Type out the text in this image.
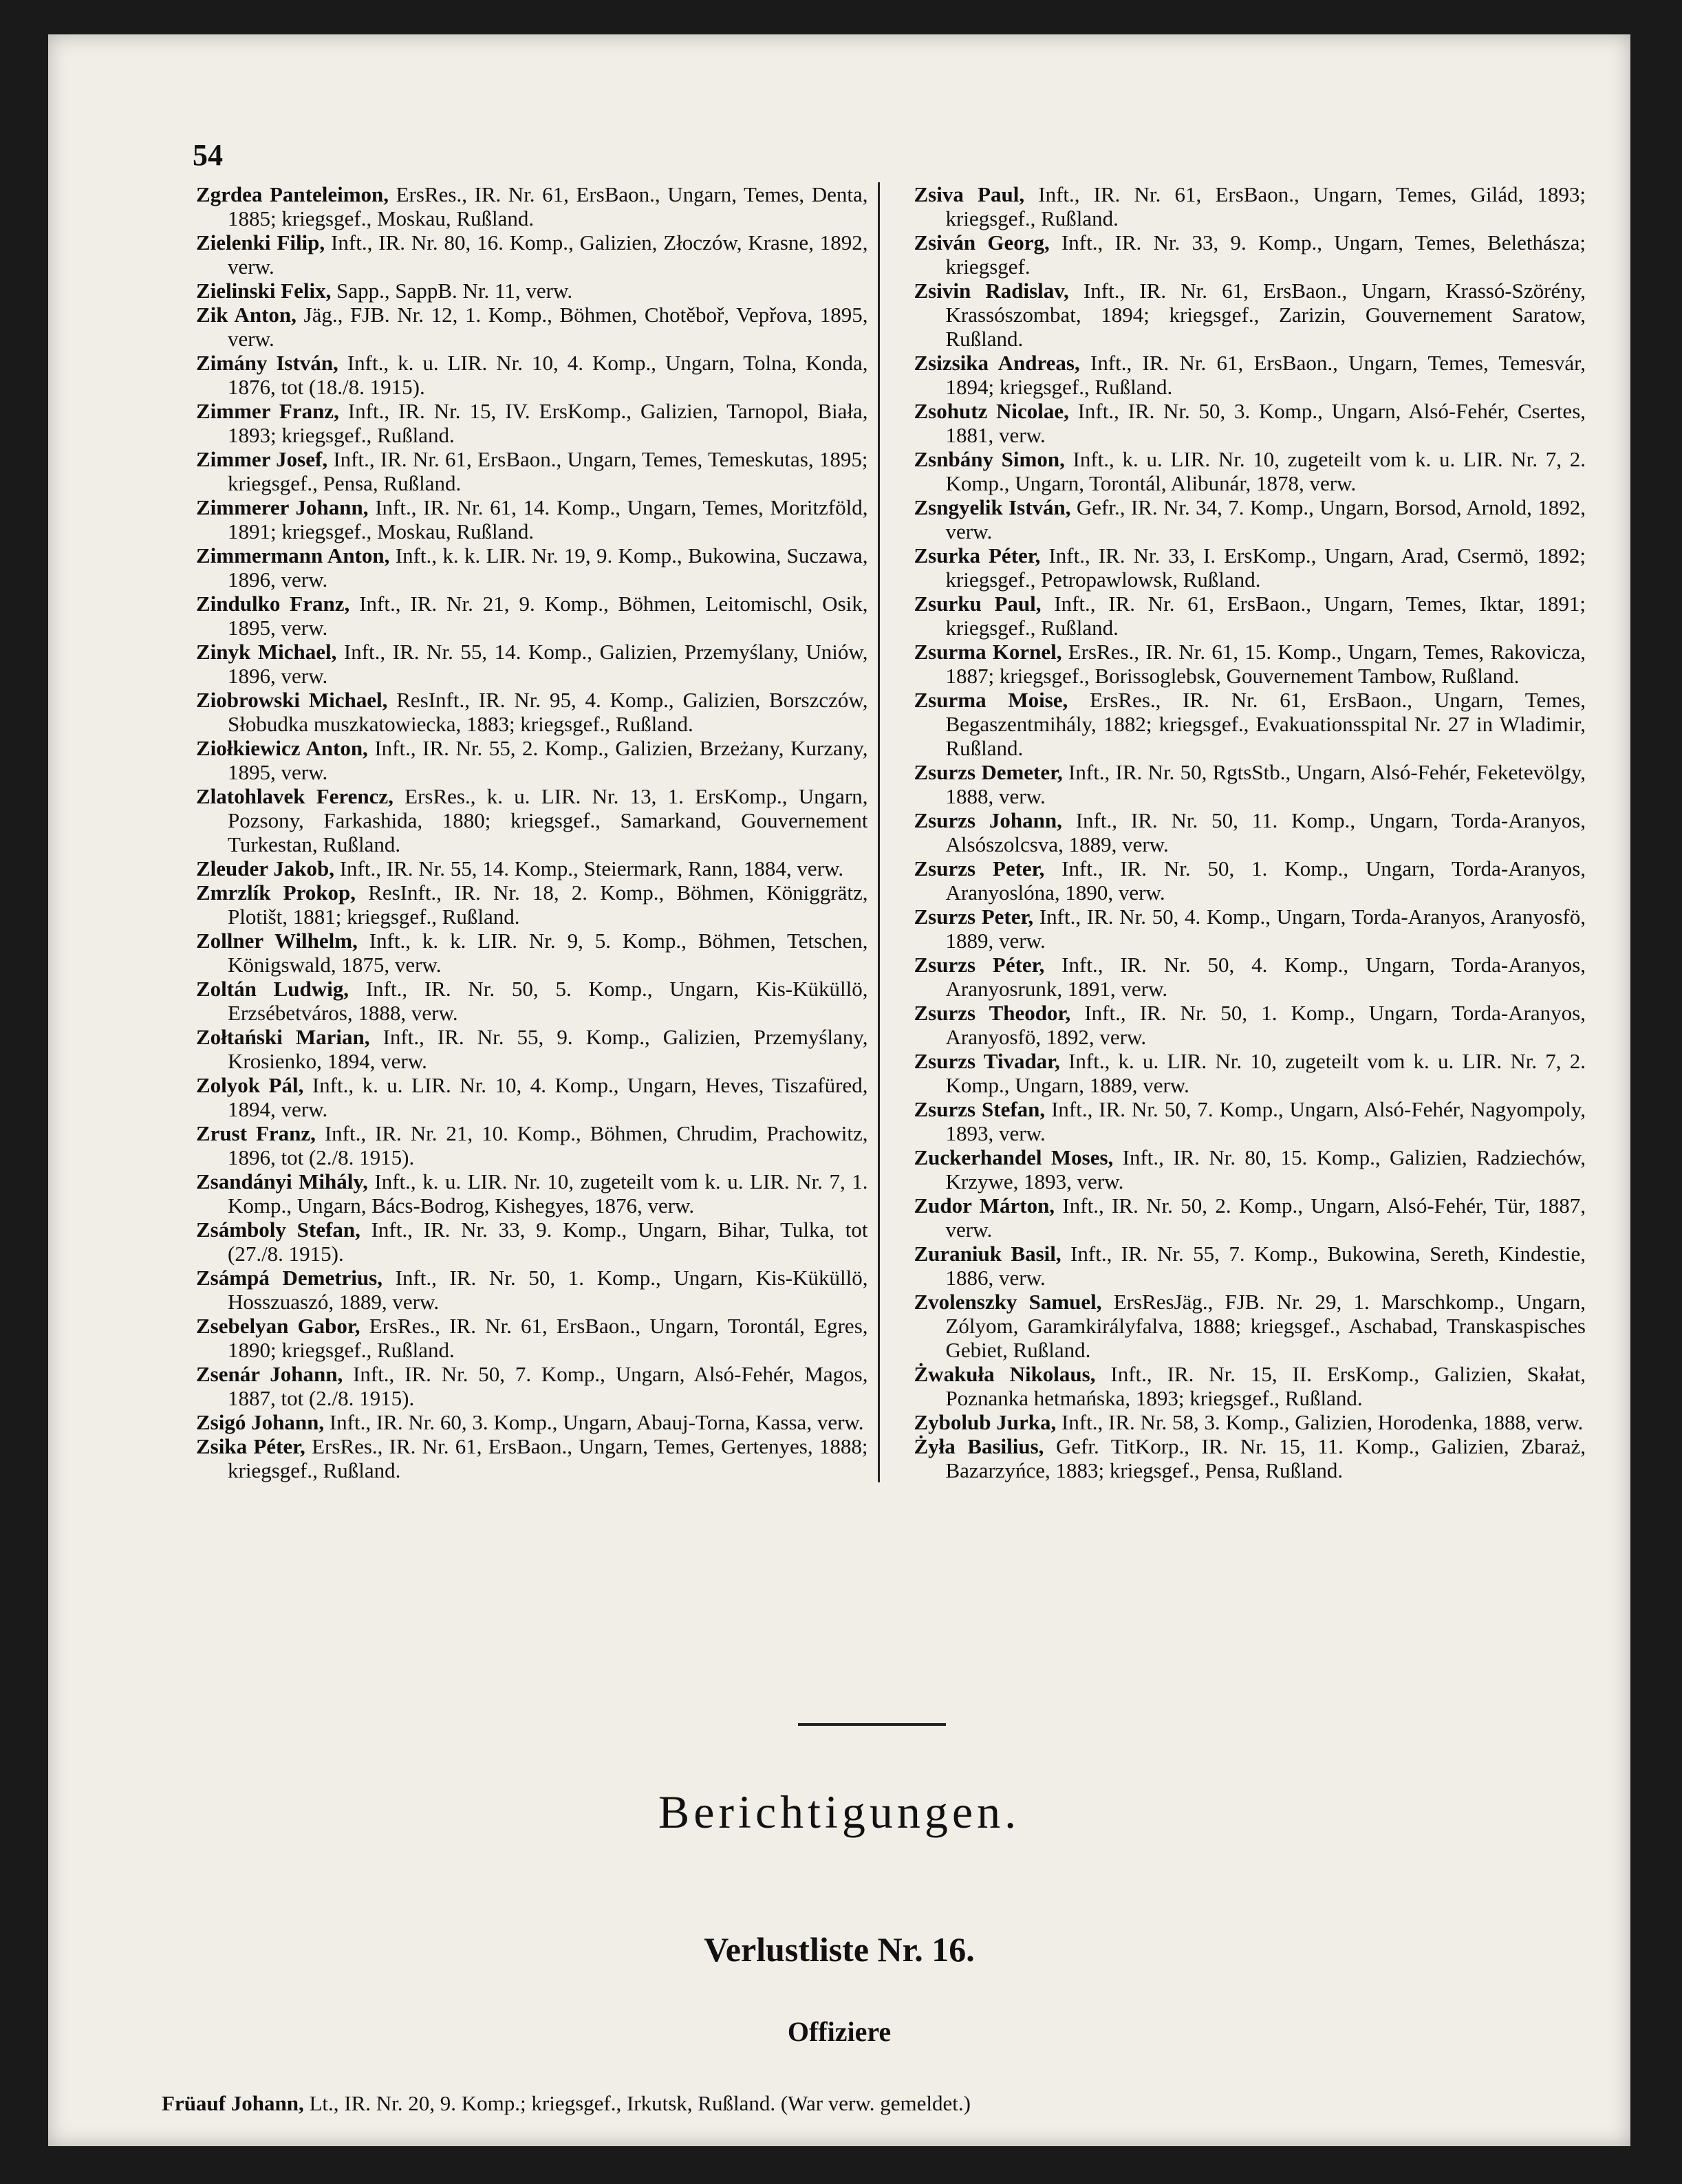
54

Zgrdea Panteleimon, ErsRes., IR. Nr. 61, ErsBaon., Ungarn, Temes, Denta, 1885; kriegsgef., Moskau, Rußland.

Zielenki Filip, Inft., IR. Nr. 80, 16. Komp., Galizien, Złoczów, Krasne, 1892, verw.

Zielinski Felix, Sapp., SappB. Nr. 11, verw.

Zik Anton, Jäg., FJB. Nr. 12, 1. Komp., Böhmen, Chotěboř, Vepřova, 1895, verw.

Zimány István, Inft., k. u. LIR. Nr. 10, 4. Komp., Ungarn, Tolna, Konda, 1876, tot (18./8. 1915).

Zimmer Franz, Inft., IR. Nr. 15, IV. ErsKomp., Galizien, Tarnopol, Biała, 1893; kriegsgef., Rußland.

Zimmer Josef, Inft., IR. Nr. 61, ErsBaon., Ungarn, Temes, Temeskutas, 1895; kriegsgef., Pensa, Rußland.

Zimmerer Johann, Inft., IR. Nr. 61, 14. Komp., Ungarn, Temes, Moritzföld, 1891; kriegsgef., Moskau, Rußland.

Zimmermann Anton, Inft., k. k. LIR. Nr. 19, 9. Komp., Bukowina, Suczawa, 1896, verw.

Zindulko Franz, Inft., IR. Nr. 21, 9. Komp., Böhmen, Leitomischl, Osik, 1895, verw.

Zinyk Michael, Inft., IR. Nr. 55, 14. Komp., Galizien, Przemyślany, Uniów, 1896, verw.

Ziobrowski Michael, ResInft., IR. Nr. 95, 4. Komp., Galizien, Borszczów, Słobudka muszkatowiecka, 1883; kriegsgef., Rußland.

Ziołkiewicz Anton, Inft., IR. Nr. 55, 2. Komp., Galizien, Brzeżany, Kurzany, 1895, verw.

Zlatohlavek Ferencz, ErsRes., k. u. LIR. Nr. 13, 1. ErsKomp., Ungarn, Pozsony, Farkashida, 1880; kriegsgef., Samarkand, Gouvernement Turkestan, Rußland.

Zleuder Jakob, Inft., IR. Nr. 55, 14. Komp., Steiermark, Rann, 1884, verw.

Zmrzlík Prokop, ResInft., IR. Nr. 18, 2. Komp., Böhmen, Königgrätz, Plotišt, 1881; kriegsgef., Rußland.

Zollner Wilhelm, Inft., k. k. LIR. Nr. 9, 5. Komp., Böhmen, Tetschen, Königswald, 1875, verw.

Zoltán Ludwig, Inft., IR. Nr. 50, 5. Komp., Ungarn, Kis-Küküllö, Erzsébetváros, 1888, verw.

Zołtański Marian, Inft., IR. Nr. 55, 9. Komp., Galizien, Przemyślany, Krosienko, 1894, verw.

Zolyok Pál, Inft., k. u. LIR. Nr. 10, 4. Komp., Ungarn, Heves, Tiszafüred, 1894, verw.

Zrust Franz, Inft., IR. Nr. 21, 10. Komp., Böhmen, Chrudim, Prachowitz, 1896, tot (2./8. 1915).

Zsandányi Mihály, Inft., k. u. LIR. Nr. 10, zugeteilt vom k. u. LIR. Nr. 7, 1. Komp., Ungarn, Bács-Bodrog, Kishegyes, 1876, verw.

Zsámboly Stefan, Inft., IR. Nr. 33, 9. Komp., Ungarn, Bihar, Tulka, tot (27./8. 1915).

Zsámpá Demetrius, Inft., IR. Nr. 50, 1. Komp., Ungarn, Kis-Küküllö, Hosszuaszó, 1889, verw.

Zsebelyan Gabor, ErsRes., IR. Nr. 61, ErsBaon., Ungarn, Torontál, Egres, 1890; kriegsgef., Rußland.

Zsenár Johann, Inft., IR. Nr. 50, 7. Komp., Ungarn, Alsó-Fehér, Magos, 1887, tot (2./8. 1915).

Zsigó Johann, Inft., IR. Nr. 60, 3. Komp., Ungarn, Abauj-Torna, Kassa, verw.

Zsika Péter, ErsRes., IR. Nr. 61, ErsBaon., Ungarn, Temes, Gertenyes, 1888; kriegsgef., Rußland.

Zsiva Paul, Inft., IR. Nr. 61, ErsBaon., Ungarn, Temes, Gilád, 1893; kriegsgef., Rußland.

Zsiván Georg, Inft., IR. Nr. 33, 9. Komp., Ungarn, Temes, Belethásza; kriegsgef.

Zsivin Radislav, Inft., IR. Nr. 61, ErsBaon., Ungarn, Krassó-Szörény, Krassószombat, 1894; kriegsgef., Zarizin, Gouvernement Saratow, Rußland.

Zsizsika Andreas, Inft., IR. Nr. 61, ErsBaon., Ungarn, Temes, Temesvár, 1894; kriegsgef., Rußland.

Zsohutz Nicolae, Inft., IR. Nr. 50, 3. Komp., Ungarn, Alsó-Fehér, Csertes, 1881, verw.

Zsnbány Simon, Inft., k. u. LIR. Nr. 10, zugeteilt vom k. u. LIR. Nr. 7, 2. Komp., Ungarn, Torontál, Alibunár, 1878, verw.

Zsngyelik István, Gefr., IR. Nr. 34, 7. Komp., Ungarn, Borsod, Arnold, 1892, verw.

Zsurka Péter, Inft., IR. Nr. 33, I. ErsKomp., Ungarn, Arad, Csermö, 1892; kriegsgef., Petropawlowsk, Rußland.

Zsurku Paul, Inft., IR. Nr. 61, ErsBaon., Ungarn, Temes, Iktar, 1891; kriegsgef., Rußland.

Zsurma Kornel, ErsRes., IR. Nr. 61, 15. Komp., Ungarn, Temes, Rakovicza, 1887; kriegsgef., Borissoglebsk, Gouvernement Tambow, Rußland.

Zsurma Moise, ErsRes., IR. Nr. 61, ErsBaon., Ungarn, Temes, Begaszentmihály, 1882; kriegsgef., Evakuationsspital Nr. 27 in Wladimir, Rußland.

Zsurzs Demeter, Inft., IR. Nr. 50, RgtsStb., Ungarn, Alsó-Fehér, Feketevölgy, 1888, verw.

Zsurzs Johann, Inft., IR. Nr. 50, 11. Komp., Ungarn, Torda-Aranyos, Alsószolcsva, 1889, verw.

Zsurzs Peter, Inft., IR. Nr. 50, 1. Komp., Ungarn, Torda-Aranyos, Aranyoslóna, 1890, verw.

Zsurzs Peter, Inft., IR. Nr. 50, 4. Komp., Ungarn, Torda-Aranyos, Aranyosfö, 1889, verw.

Zsurzs Péter, Inft., IR. Nr. 50, 4. Komp., Ungarn, Torda-Aranyos, Aranyosrunk, 1891, verw.

Zsurzs Theodor, Inft., IR. Nr. 50, 1. Komp., Ungarn, Torda-Aranyos, Aranyosfö, 1892, verw.

Zsurzs Tivadar, Inft., k. u. LIR. Nr. 10, zugeteilt vom k. u. LIR. Nr. 7, 2. Komp., Ungarn, 1889, verw.

Zsurzs Stefan, Inft., IR. Nr. 50, 7. Komp., Ungarn, Alsó-Fehér, Nagyompoly, 1893, verw.

Zuckerhandel Moses, Inft., IR. Nr. 80, 15. Komp., Galizien, Radziechów, Krzywe, 1893, verw.

Zudor Márton, Inft., IR. Nr. 50, 2. Komp., Ungarn, Alsó-Fehér, Tür, 1887, verw.

Zuraniuk Basil, Inft., IR. Nr. 55, 7. Komp., Bukowina, Sereth, Kindestie, 1886, verw.

Zvolenszky Samuel, ErsResJäg., FJB. Nr. 29, 1. Marschkomp., Ungarn, Zólyom, Garamkirályfalva, 1888; kriegsgef., Aschabad, Transkaspisches Gebiet, Rußland.

Żwakuła Nikolaus, Inft., IR. Nr. 15, II. ErsKomp., Galizien, Skałat, Poznanka hetmańska, 1893; kriegsgef., Rußland.

Zybolub Jurka, Inft., IR. Nr. 58, 3. Komp., Galizien, Horodenka, 1888, verw.

Żyła Basilius, Gefr. TitKorp., IR. Nr. 15, 11. Komp., Galizien, Zbaraż, Bazarzyńce, 1883; kriegsgef., Pensa, Rußland.

Berichtigungen.
Verlustliste Nr. 16.
Offiziere
Früauf Johann, Lt., IR. Nr. 20, 9. Komp.; kriegsgef., Irkutsk, Rußland. (War verw. gemeldet.)
